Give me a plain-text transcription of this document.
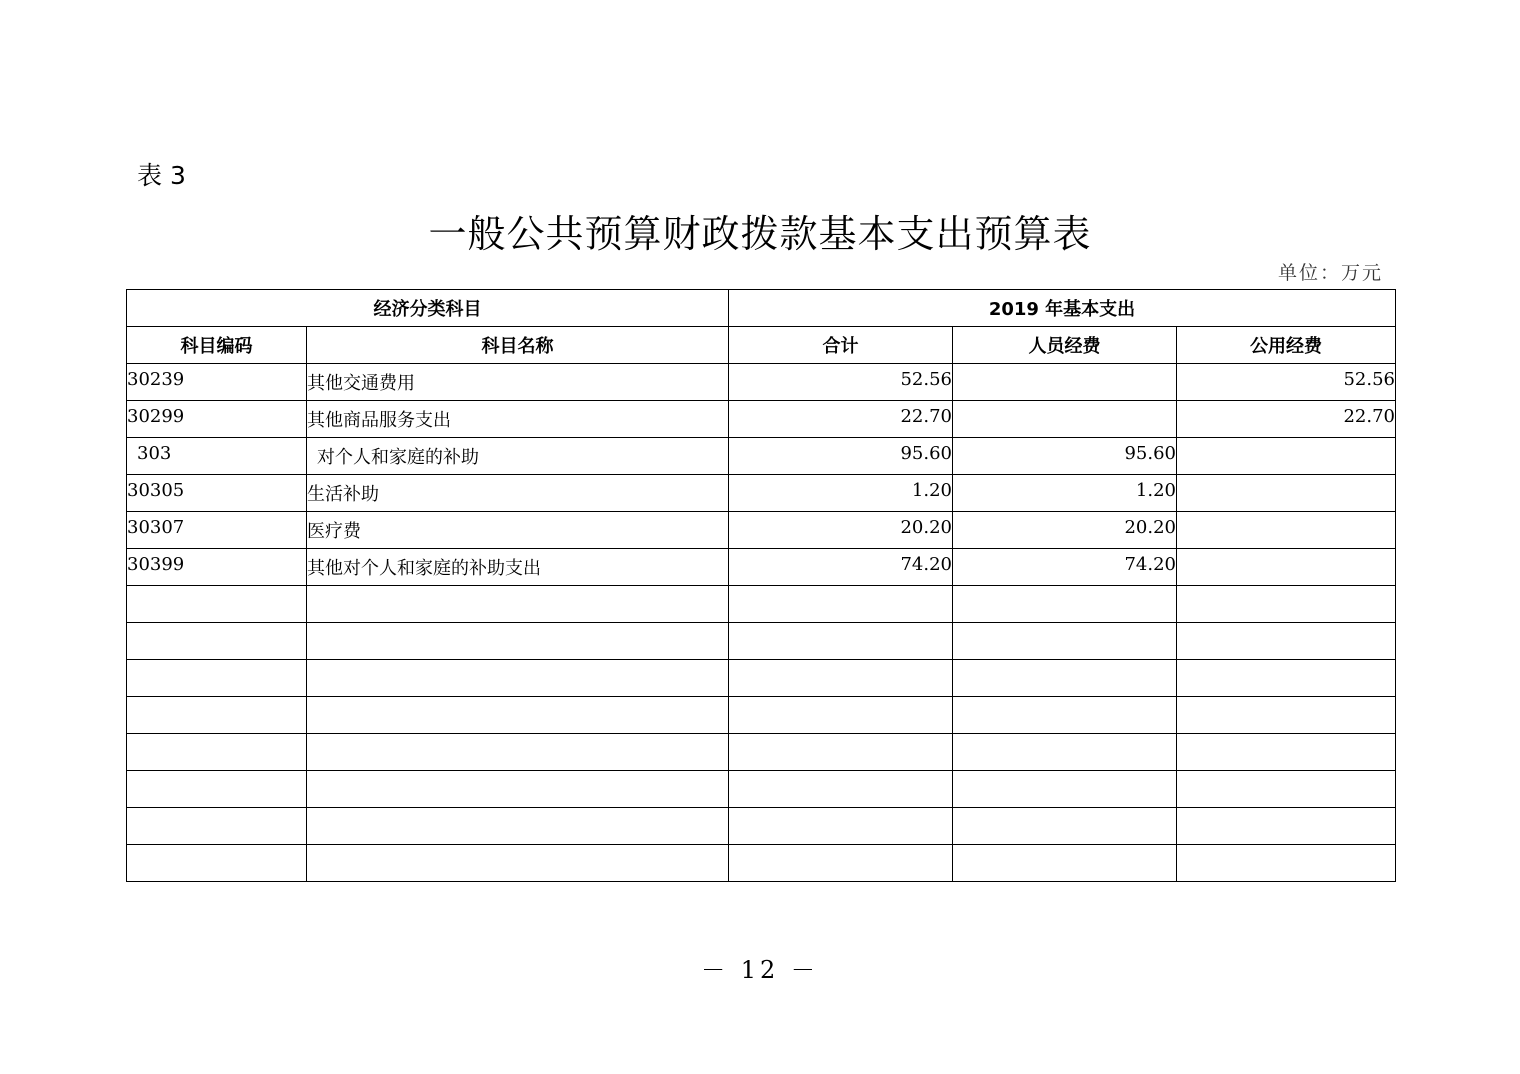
表 3
一般公共预算财政拨款基本支出预算表
单位：万元
经济分类科目		2019 年基本支出		
科目编码	科目名称	合计	人员经费	公用经费
30239	其他交通费用	52.56		52.56
30299	其他商品服务支出	22.70		22.70
303	对个人和家庭的补助	95.60	95.60	
30305	生活补助	1.20	1.20	
30307	医疗费	20.20	20.20	
30399	其他对个人和家庭的补助支出	74.20	74.20	

－ 12 －
